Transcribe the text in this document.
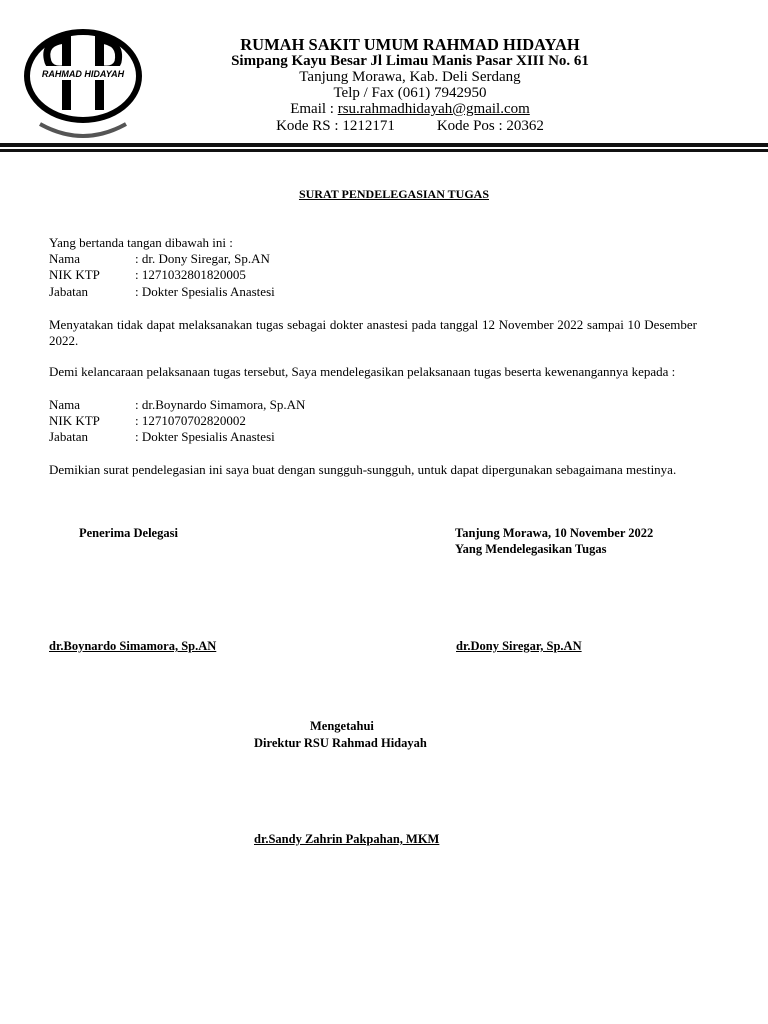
RAHMAD HIDAYAH
RUMAH SAKIT UMUM RAHMAD HIDAYAH
Simpang Kayu Besar Jl Limau Manis Pasar XIII No. 61
Tanjung Morawa, Kab. Deli Serdang
Telp / Fax (061) 7942950
Email : rsu.rahmadhidayah@gmail.com
Kode RS : 1212171	Kode Pos : 20362
SURAT PENDELEGASIAN TUGAS
Yang bertanda tangan dibawah ini :
Nama	: dr. Dony Siregar, Sp.AN
NIK KTP	: 1271032801820005
Jabatan	: Dokter Spesialis Anastesi
Menyatakan tidak dapat melaksanakan tugas sebagai dokter anastesi pada tanggal 12 November 2022 sampai 10 Desember 2022.
Demi kelancaraan pelaksanaan tugas tersebut, Saya mendelegasikan pelaksanaan tugas beserta kewenangannya kepada :
Nama	: dr.Boynardo Simamora, Sp.AN
NIK KTP	: 1271070702820002
Jabatan	: Dokter Spesialis Anastesi
Demikian surat pendelegasian ini saya buat dengan sungguh-sungguh, untuk dapat dipergunakan sebagaimana mestinya.
Penerima Delegasi	Tanjung Morawa, 10 November 2022
Yang Mendelegasikan Tugas
dr.Boynardo Simamora, Sp.AN	dr.Dony Siregar, Sp.AN
Mengetahui
Direktur RSU Rahmad Hidayah
dr.Sandy Zahrin Pakpahan, MKM
